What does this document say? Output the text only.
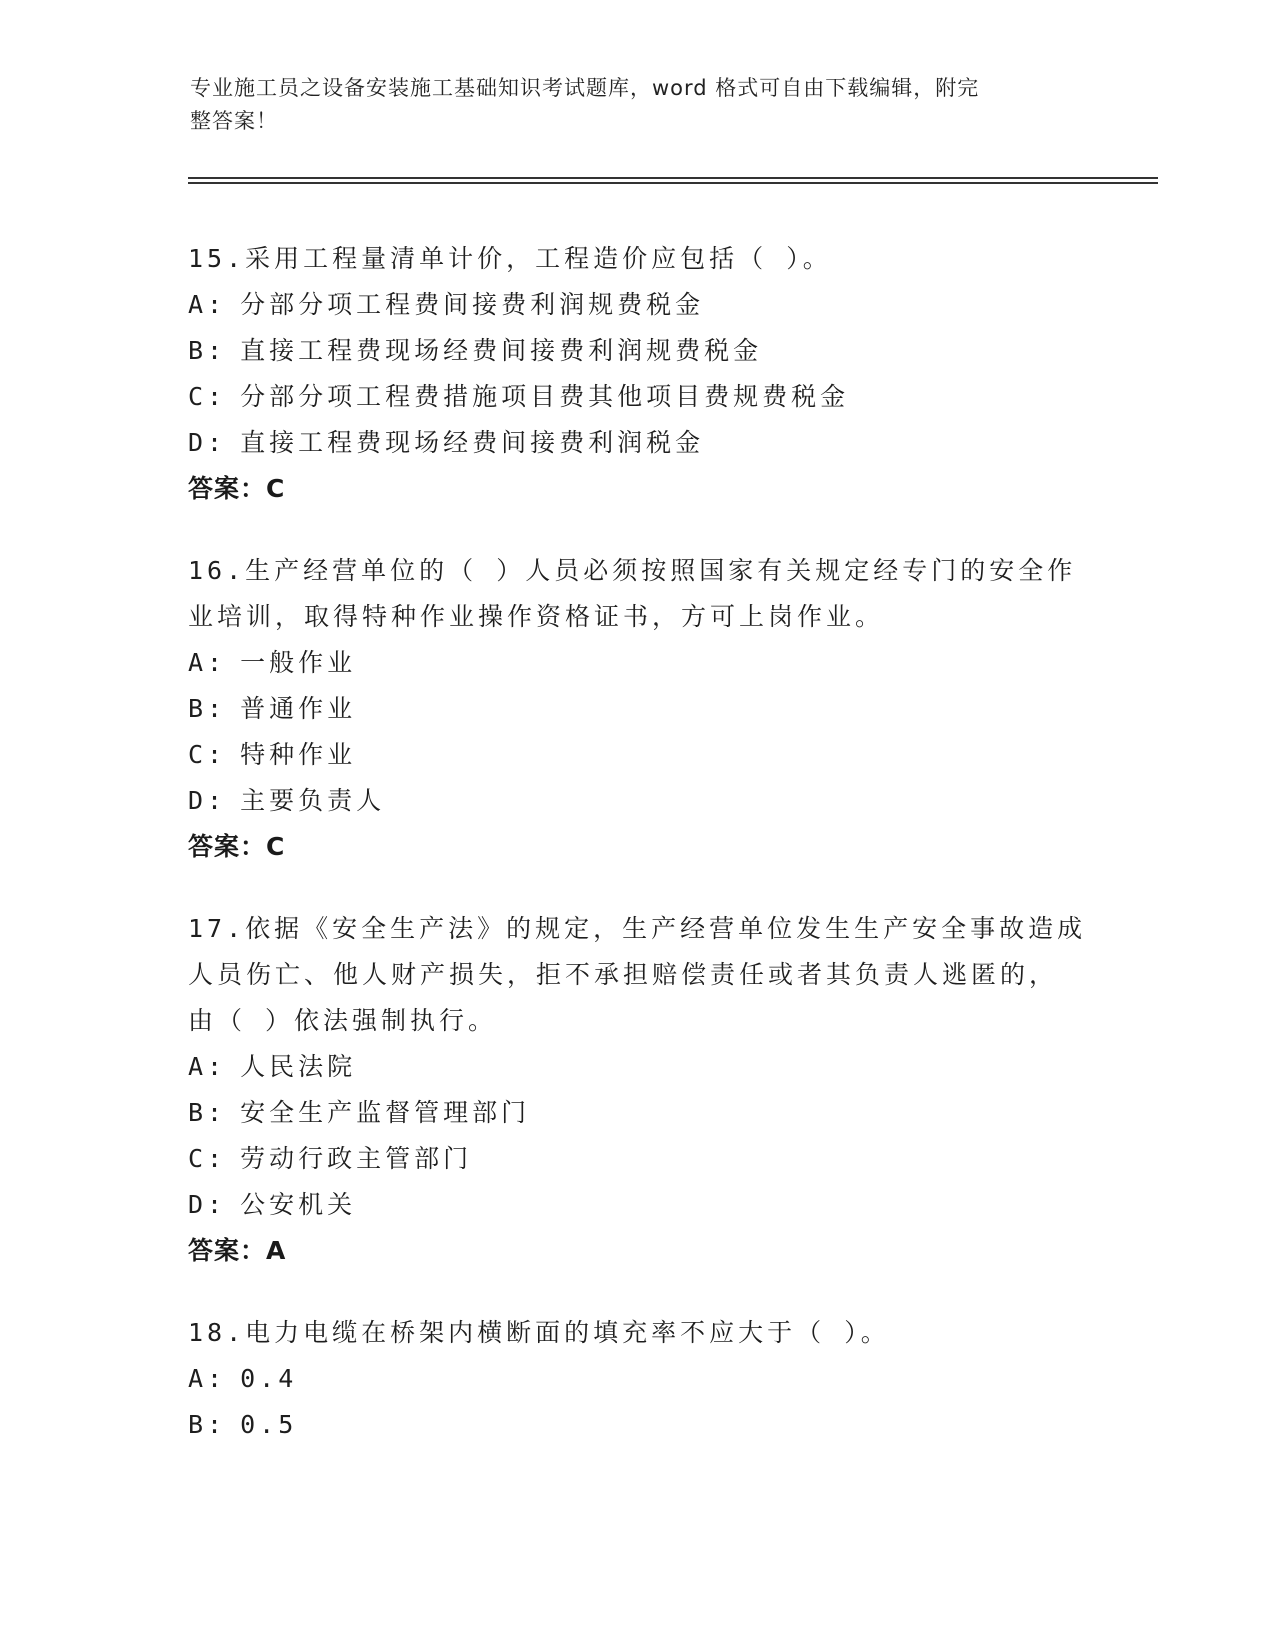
专业施工员之设备安装施工基础知识考试题库，word 格式可自由下载编辑，附完
整答案！
15.采用工程量清单计价，工程造价应包括（ ）。
A: 分部分项工程费间接费利润规费税金
B: 直接工程费现场经费间接费利润规费税金
C: 分部分项工程费措施项目费其他项目费规费税金
D: 直接工程费现场经费间接费利润税金
答案：C
16.生产经营单位的（ ）人员必须按照国家有关规定经专门的安全作
业培训，取得特种作业操作资格证书，方可上岗作业。
A: 一般作业
B: 普通作业
C: 特种作业
D: 主要负责人
答案：C
17.依据《安全生产法》的规定，生产经营单位发生生产安全事故造成
人员伤亡、他人财产损失，拒不承担赔偿责任或者其负责人逃匿的，
由（ ）依法强制执行。
A: 人民法院
B: 安全生产监督管理部门
C: 劳动行政主管部门
D: 公安机关
答案：A
18.电力电缆在桥架内横断面的填充率不应大于（ ）。
A: 0.4
B: 0.5
